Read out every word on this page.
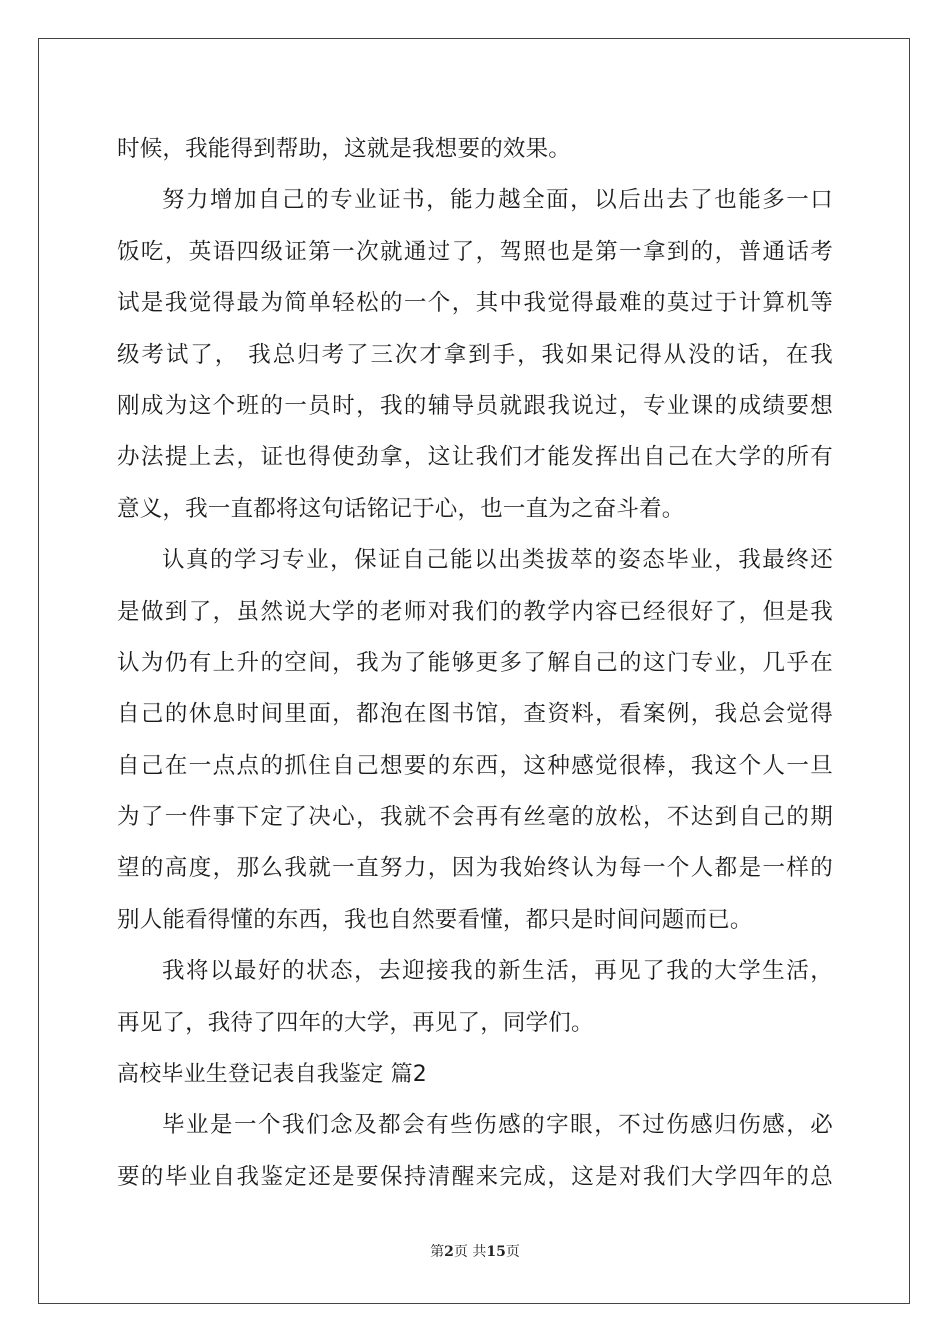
时候，我能得到帮助，这就是我想要的效果。
努力增加自己的专业证书，能力越全面，以后出去了也能多一口
饭吃，英语四级证第一次就通过了，驾照也是第一拿到的，普通话考
试是我觉得最为简单轻松的一个，其中我觉得最难的莫过于计算机等
级考试了， 我总归考了三次才拿到手，我如果记得从没的话，在我
刚成为这个班的一员时，我的辅导员就跟我说过，专业课的成绩要想
办法提上去，证也得使劲拿，这让我们才能发挥出自己在大学的所有
意义，我一直都将这句话铭记于心，也一直为之奋斗着。
认真的学习专业，保证自己能以出类拔萃的姿态毕业，我最终还
是做到了，虽然说大学的老师对我们的教学内容已经很好了，但是我
认为仍有上升的空间，我为了能够更多了解自己的这门专业，几乎在
自己的休息时间里面，都泡在图书馆，查资料，看案例，我总会觉得
自己在一点点的抓住自己想要的东西，这种感觉很棒，我这个人一旦
为了一件事下定了决心，我就不会再有丝毫的放松，不达到自己的期
望的高度，那么我就一直努力，因为我始终认为每一个人都是一样的
别人能看得懂的东西，我也自然要看懂，都只是时间问题而已。
我将以最好的状态，去迎接我的新生活，再见了我的大学生活，
再见了，我待了四年的大学，再见了，同学们。
高校毕业生登记表自我鉴定 篇2
毕业是一个我们念及都会有些伤感的字眼，不过伤感归伤感，必
要的毕业自我鉴定还是要保持清醒来完成，这是对我们大学四年的总
第2页 共15页
